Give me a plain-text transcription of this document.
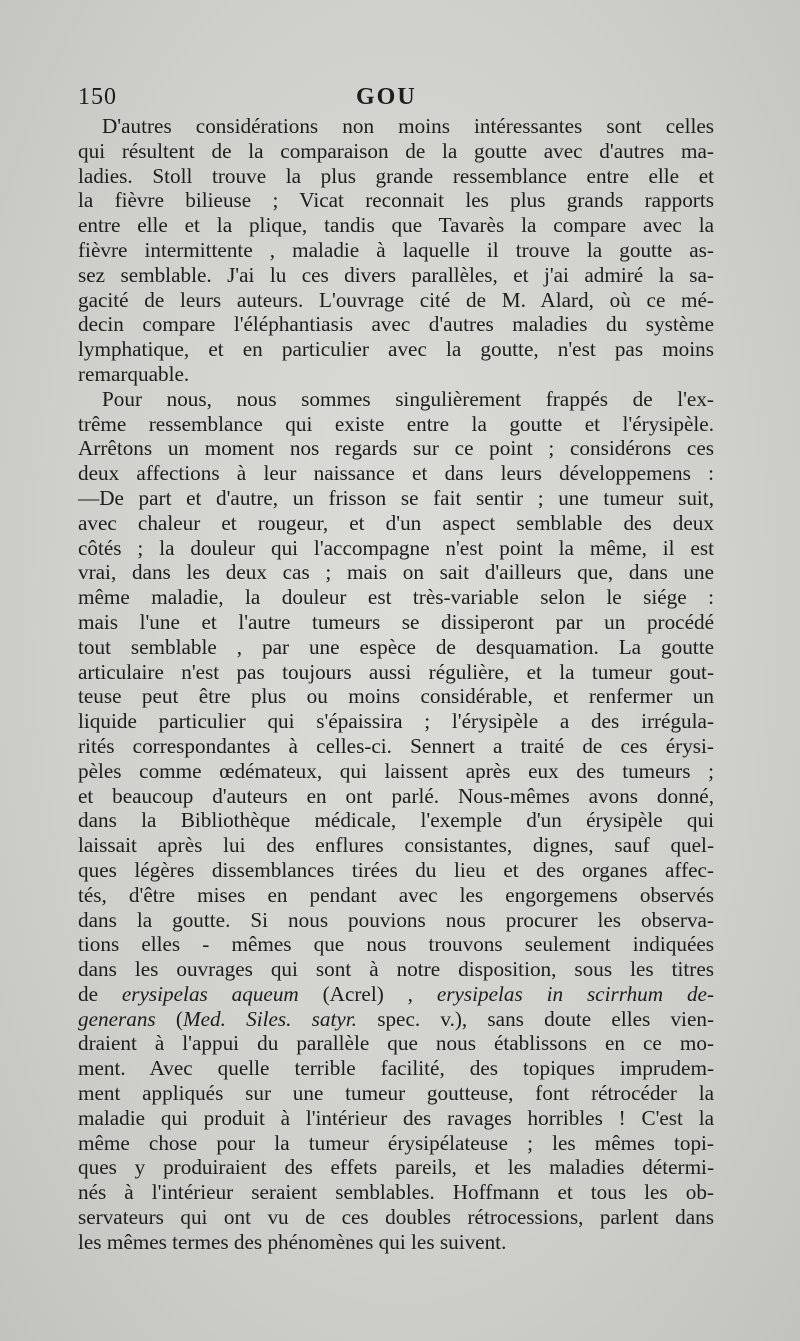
150	GOU
D'autres considérations non moins intéressantes sont celles
qui résultent de la comparaison de la goutte avec d'autres ma-
ladies. Stoll trouve la plus grande ressemblance entre elle et
la fièvre bilieuse ; Vicat reconnait les plus grands rapports
entre elle et la plique, tandis que Tavarès la compare avec la
fièvre intermittente , maladie à laquelle il trouve la goutte as-
sez semblable. J'ai lu ces divers parallèles, et j'ai admiré la sa-
gacité de leurs auteurs. L'ouvrage cité de M. Alard, où ce mé-
decin compare l'éléphantiasis avec d'autres maladies du système
lymphatique, et en particulier avec la goutte, n'est pas moins
remarquable.
Pour nous, nous sommes singulièrement frappés de l'ex-
trême ressemblance qui existe entre la goutte et l'érysipèle.
Arrêtons un moment nos regards sur ce point ; considérons ces
deux affections à leur naissance et dans leurs développemens :
—De part et d'autre, un frisson se fait sentir ; une tumeur suit,
avec chaleur et rougeur, et d'un aspect semblable des deux
côtés ; la douleur qui l'accompagne n'est point la même, il est
vrai, dans les deux cas ; mais on sait d'ailleurs que, dans une
même maladie, la douleur est très-variable selon le siége :
mais l'une et l'autre tumeurs se dissiperont par un procédé
tout semblable , par une espèce de desquamation. La goutte
articulaire n'est pas toujours aussi régulière, et la tumeur gout-
teuse peut être plus ou moins considérable, et renfermer un
liquide particulier qui s'épaissira ; l'érysipèle a des irrégula-
rités correspondantes à celles-ci. Sennert a traité de ces érysi-
pèles comme œdémateux, qui laissent après eux des tumeurs ;
et beaucoup d'auteurs en ont parlé. Nous-mêmes avons donné,
dans la Bibliothèque médicale, l'exemple d'un érysipèle qui
laissait après lui des enflures consistantes, dignes, sauf quel-
ques légères dissemblances tirées du lieu et des organes affec-
tés, d'être mises en pendant avec les engorgemens observés
dans la goutte. Si nous pouvions nous procurer les observa-
tions elles - mêmes que nous trouvons seulement indiquées
dans les ouvrages qui sont à notre disposition, sous les titres
de erysipelas aqueum (Acrel) , erysipelas in scirrhum de-
generans (Med. Siles. satyr. spec. v.), sans doute elles vien-
draient à l'appui du parallèle que nous établissons en ce mo-
ment. Avec quelle terrible facilité, des topiques imprudem-
ment appliqués sur une tumeur goutteuse, font rétrocéder la
maladie qui produit à l'intérieur des ravages horribles ! C'est la
même chose pour la tumeur érysipélateuse ; les mêmes topi-
ques y produiraient des effets pareils, et les maladies détermi-
nés à l'intérieur seraient semblables. Hoffmann et tous les ob-
servateurs qui ont vu de ces doubles rétrocessions, parlent dans
les mêmes termes des phénomènes qui les suivent.
